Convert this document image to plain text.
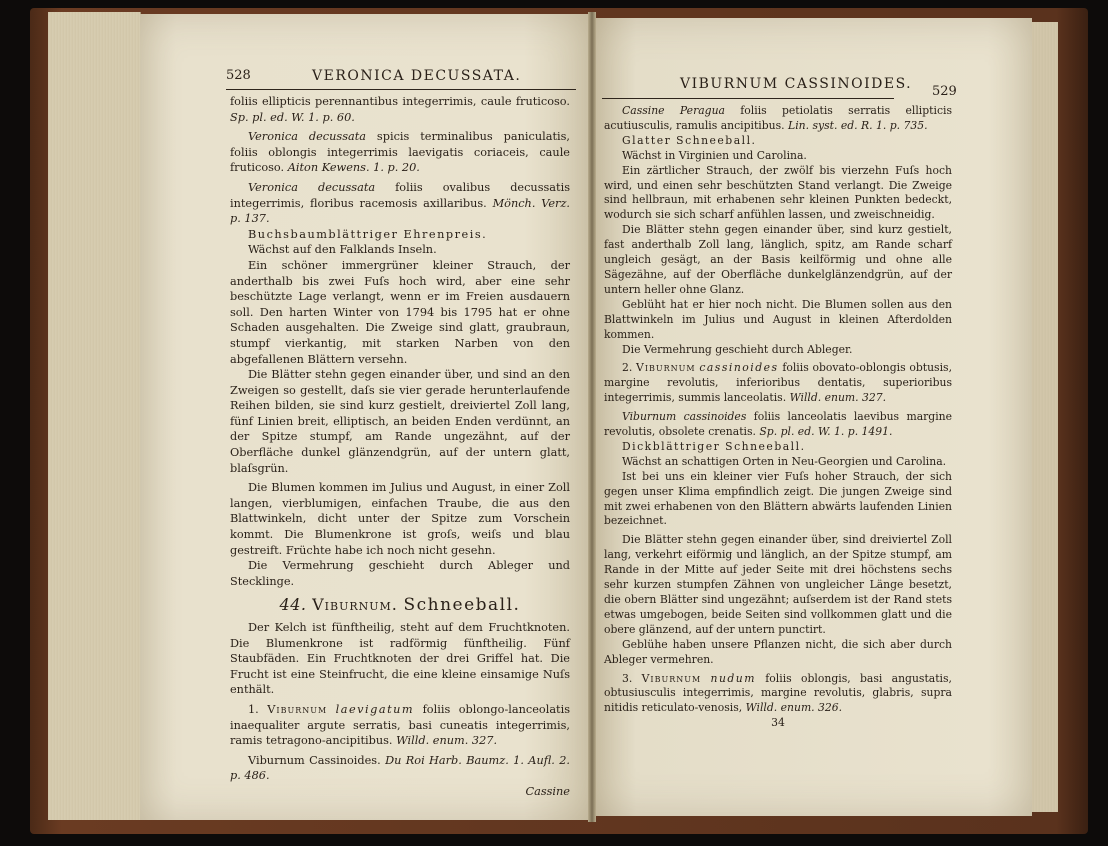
528	VERONICA DECUSSATA.

foliis ellipticis perennantibus integerrimis, caule fruticoso. Sp. pl. ed. W. 1. p. 60.

Veronica decussata spicis terminalibus paniculatis, foliis oblongis integerrimis laevigatis coriaceis, caule fruticoso. Aiton Kewens. 1. p. 20.

Veronica decussata foliis ovalibus decussatis integerrimis, floribus racemosis axillaribus. Mönch. Verz. p. 137.

Buchsbaumblättriger Ehrenpreis.

Wächst auf den Falklands Inseln.

Ein schöner immergrüner kleiner Strauch, der anderthalb bis zwei Fuſs hoch wird, aber eine sehr beschützte Lage verlangt, wenn er im Freien ausdauern soll. Den harten Winter von 1794 bis 1795 hat er ohne Schaden ausgehalten. Die Zweige sind glatt, graubraun, stumpf vierkantig, mit starken Narben von den abgefallenen Blättern versehn.

Die Blätter stehn gegen einander über, und sind an den Zweigen so gestellt, daſs sie vier gerade herunterlaufende Reihen bilden, sie sind kurz gestielt, dreiviertel Zoll lang, fünf Linien breit, elliptisch, an beiden Enden verdünnt, an der Spitze stumpf, am Rande ungezähnt, auf der Oberfläche dunkel glänzendgrün, auf der untern glatt, blaſsgrün.

Die Blumen kommen im Julius und August, in einer Zoll langen, vierblumigen, einfachen Traube, die aus den Blattwinkeln, dicht unter der Spitze zum Vorschein kommt. Die Blumenkrone ist groſs, weiſs und blau gestreift. Früchte habe ich noch nicht gesehn.

Die Vermehrung geschieht durch Ableger und Stecklinge.

44. Viburnum. Schneeball.

Der Kelch ist fünftheilig, steht auf dem Fruchtknoten. Die Blumenkrone ist radförmig fünftheilig. Fünf Staubfäden. Ein Fruchtknoten der drei Griffel hat. Die Frucht ist eine Steinfrucht, die eine kleine einsamige Nuſs enthält.

1. Viburnum laevigatum foliis oblongo-lanceolatis inaequaliter argute serratis, basi cuneatis integerrimis, ramis tetragono-ancipitibus. Willd. enum. 327.

Viburnum Cassinoides. Du Roi Harb. Baumz. 1. Aufl. 2. p. 486.

Cassine

VIBURNUM CASSINOIDES. 529

Cassine Peragua foliis petiolatis serratis ellipticis acutiusculis, ramulis ancipitibus. Lin. syst. ed. R. 1. p. 735.

Glatter Schneeball.

Wächst in Virginien und Carolina.

Ein zärtlicher Strauch, der zwölf bis vierzehn Fuſs hoch wird, und einen sehr beschützten Stand verlangt. Die Zweige sind hellbraun, mit erhabenen sehr kleinen Punkten bedeckt, wodurch sie sich scharf anfühlen lassen, und zweischneidig.

Die Blätter stehn gegen einander über, sind kurz gestielt, fast anderthalb Zoll lang, länglich, spitz, am Rande scharf ungleich gesägt, an der Basis keilförmig und ohne alle Sägezähne, auf der Oberfläche dunkelglänzendgrün, auf der untern heller ohne Glanz.

Geblüht hat er hier noch nicht. Die Blumen sollen aus den Blattwinkeln im Julius und August in kleinen Afterdolden kommen.

Die Vermehrung geschieht durch Ableger.

2. Viburnum cassinoides foliis obovato-oblongis obtusis, margine revolutis, inferioribus dentatis, superioribus integerrimis, summis lanceolatis. Willd. enum. 327.

Viburnum cassinoides foliis lanceolatis laevibus margine revolutis, obsolete crenatis. Sp. pl. ed. W. 1. p. 1491.

Dickblättriger Schneeball.

Wächst an schattigen Orten in Neu-Georgien und Carolina.

Ist bei uns ein kleiner vier Fuſs hoher Strauch, der sich gegen unser Klima empfindlich zeigt. Die jungen Zweige sind mit zwei erhabenen von den Blättern abwärts laufenden Linien bezeichnet.

Die Blätter stehn gegen einander über, sind dreiviertel Zoll lang, verkehrt eiförmig und länglich, an der Spitze stumpf, am Rande in der Mitte auf jeder Seite mit drei höchstens sechs sehr kurzen stumpfen Zähnen von ungleicher Länge besetzt, die obern Blätter sind ungezähnt; auſserdem ist der Rand stets etwas umgebogen, beide Seiten sind vollkommen glatt und die obere glänzend, auf der untern punctirt.

Geblühe haben unsere Pflanzen nicht, die sich aber durch Ableger vermehren.

3. Viburnum nudum foliis oblongis, basi angustatis, obtusiusculis integerrimis, margine revolutis, glabris, supra nitidis reticulato-venosis, Willd. enum. 326.

34
